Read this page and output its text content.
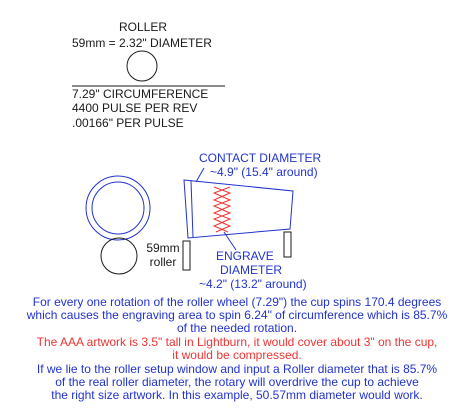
ROLLER
59mm = 2.32" DIAMETER
7.29" CIRCUMFERENCE
4400 PULSE PER REV
.00166" PER PULSE
CONTACT DIAMETER
~4.9" (15.4" around)
ENGRAVE
DIAMETER
~4.2" (13.2" around)
59mm
roller
For every one rotation of the roller wheel (7.29") the cup spins 170.4 degrees
which causes the engraving area to spin 6.24" of circumference which is 85.7%
of the needed rotation.
The AAA artwork is 3.5" tall in Lightburn, it would cover about 3" on the cup,
it would be compressed.
If we lie to the roller setup window and input a Roller diameter that is 85.7%
of the real roller diameter, the rotary will overdrive the cup to achieve
the right size artwork. In this example, 50.57mm diameter would work.
